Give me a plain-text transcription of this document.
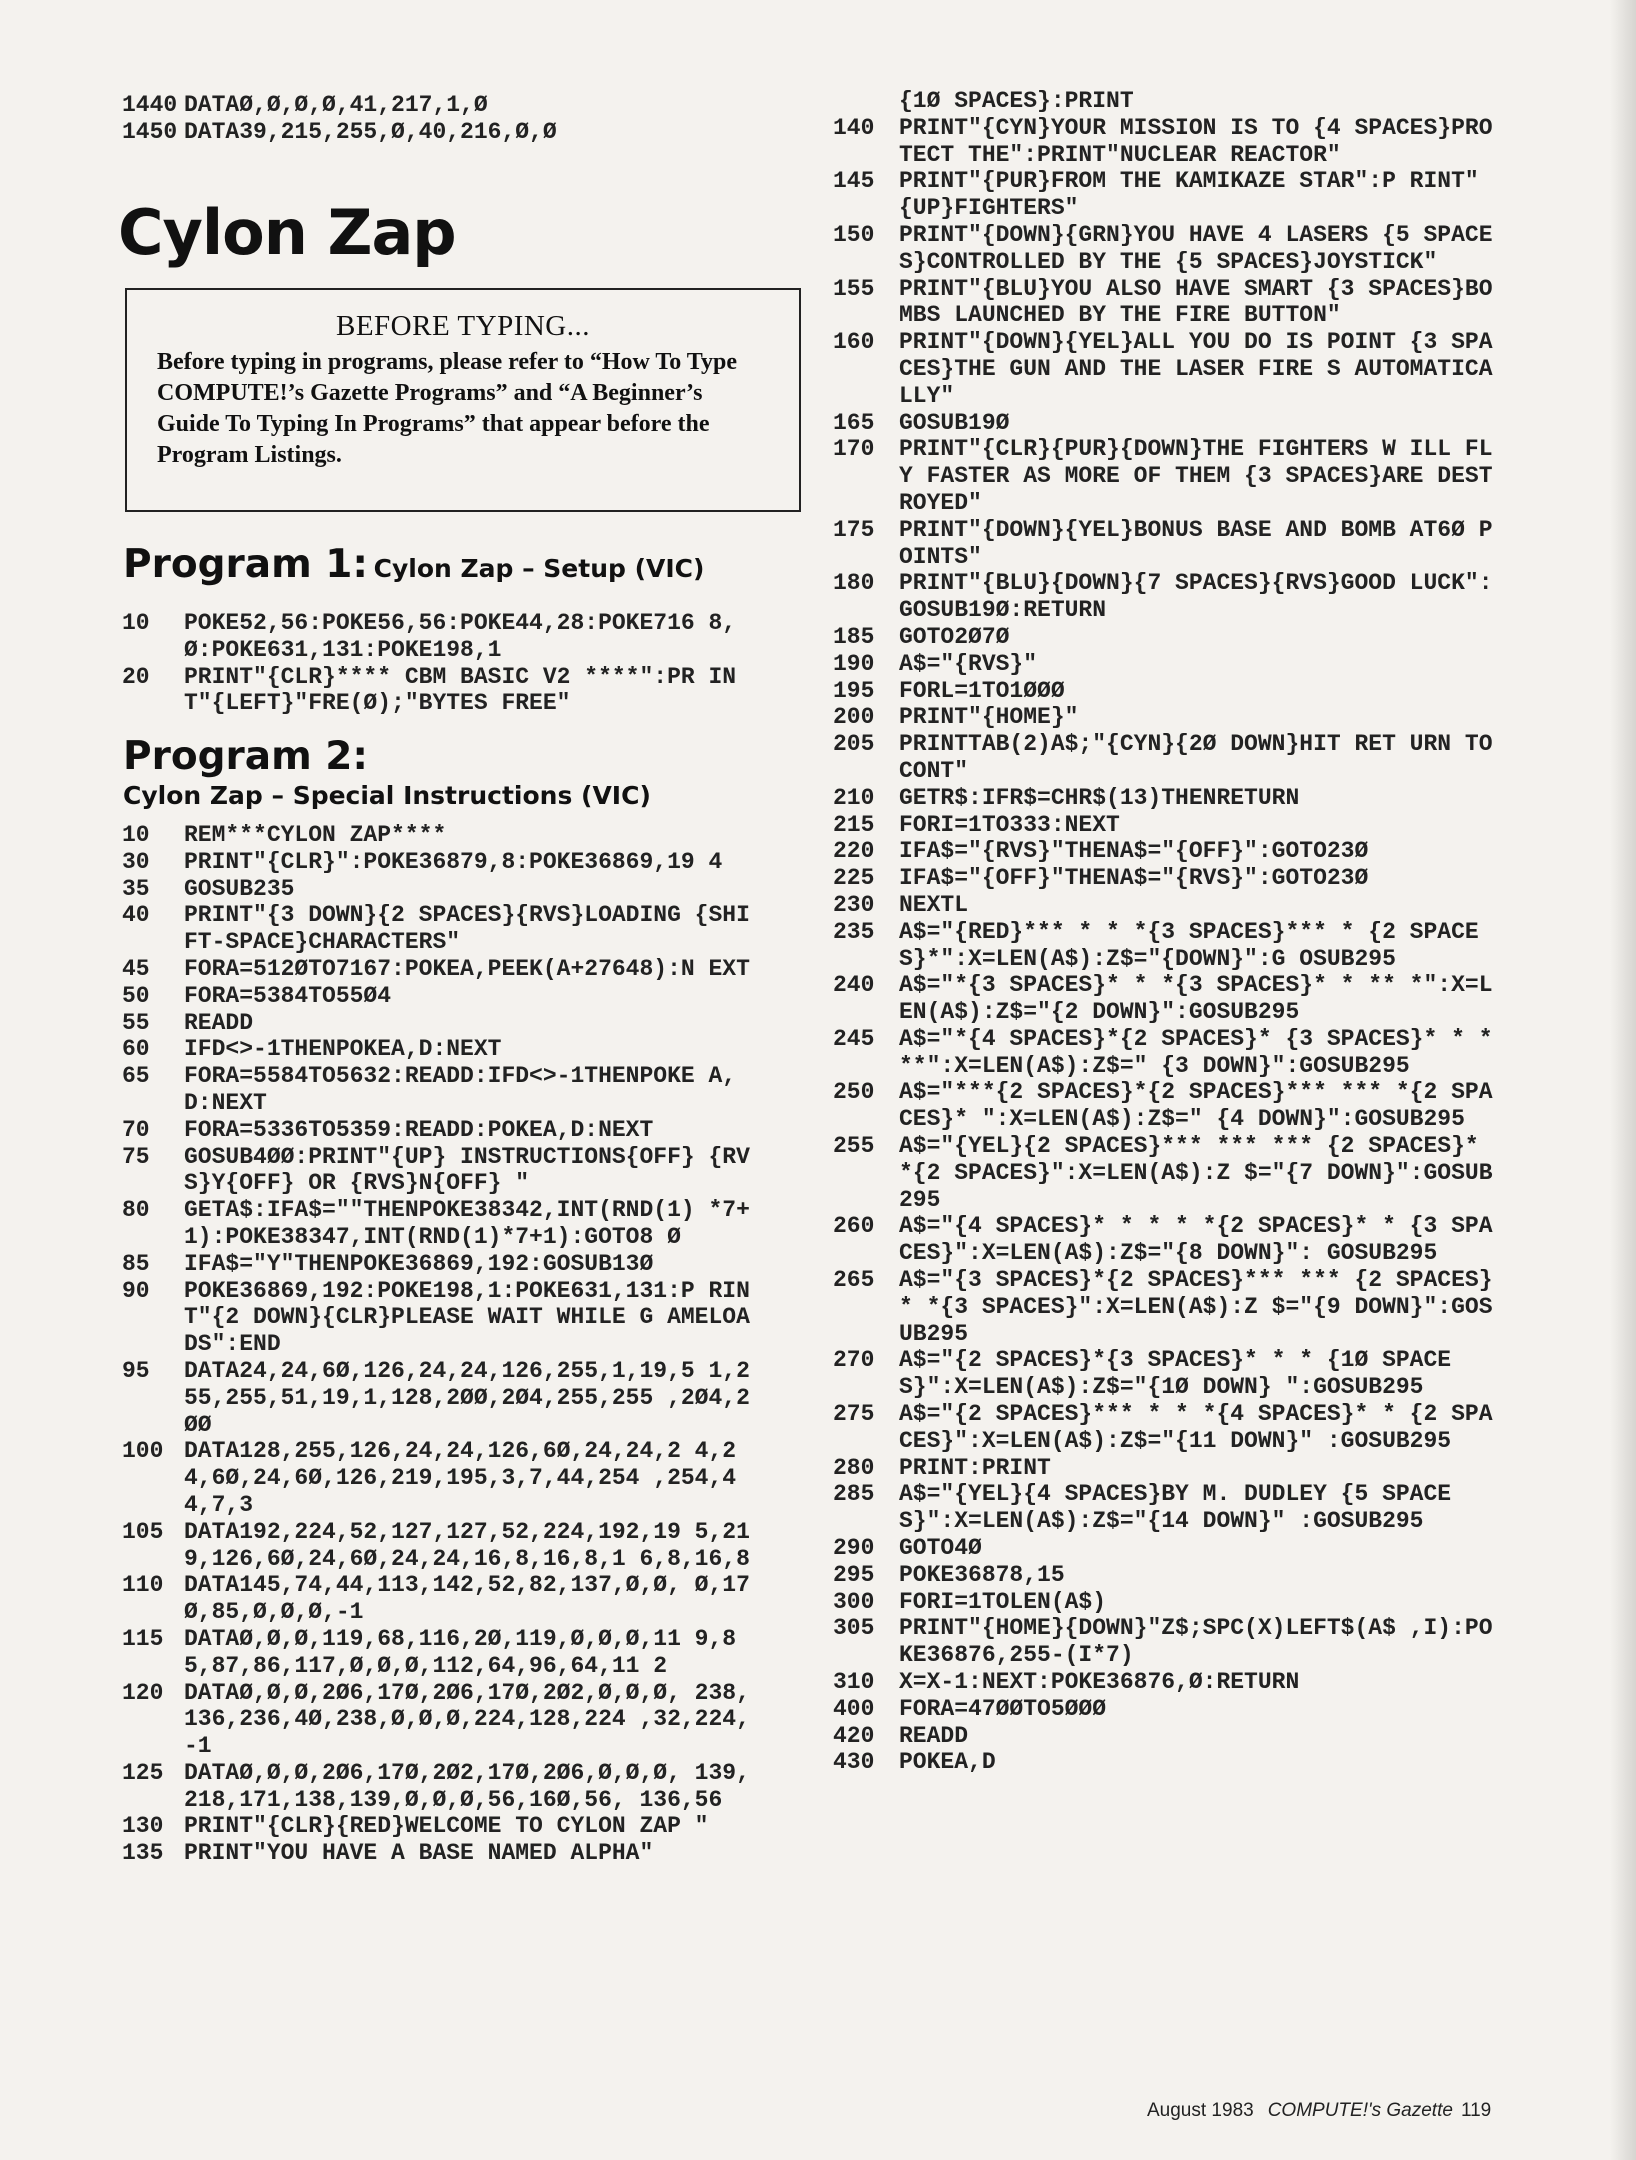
1440 DATAØ,Ø,Ø,Ø,41,217,1,Ø
1450 DATA39,215,255,Ø,40,216,Ø,Ø
Cylon Zap
BEFORE TYPING...
Before typing in programs, please refer to “How To Type COMPUTE!’s Gazette Programs” and “A Beginner’s Guide To Typing In Programs” that appear before the Program Listings.
Program 1: Cylon Zap – Setup (VIC)
10	POKE52,56:POKE56,56:POKE44,28:POKE716 8,Ø:POKE631,131:POKE198,1
20	PRINT"{CLR}**** CBM BASIC V2 ****":PR INT"{LEFT}"FRE(Ø);"BYTES FREE"
Program 2:
Cylon Zap – Special Instructions (VIC)
10	REM***CYLON ZAP****
30	PRINT"{CLR}":POKE36879,8:POKE36869,19 4
35	GOSUB235
40	PRINT"{3 DOWN}{2 SPACES}{RVS}LOADING {SHIFT-SPACE}CHARACTERS"
45	FORA=512ØTO7167:POKEA,PEEK(A+27648):N EXT
50	FORA=5384TO55Ø4
55	READD
60	IFD<>-1THENPOKEA,D:NEXT
65	FORA=5584TO5632:READD:IFD<>-1THENPOKE A,D:NEXT
70	FORA=5336TO5359:READD:POKEA,D:NEXT
75	GOSUB4ØØ:PRINT"{UP} INSTRUCTIONS{OFF} {RVS}Y{OFF} OR {RVS}N{OFF} "
80	GETA$:IFA$=""THENPOKE38342,INT(RND(1) *7+1):POKE38347,INT(RND(1)*7+1):GOTO8 Ø
85	IFA$="Y"THENPOKE36869,192:GOSUB13Ø
90	POKE36869,192:POKE198,1:POKE631,131:P RINT"{2 DOWN}{CLR}PLEASE WAIT WHILE G AMELOADS":END
95	DATA24,24,6Ø,126,24,24,126,255,1,19,5 1,255,255,51,19,1,128,2ØØ,2Ø4,255,255 ,2Ø4,2ØØ
100 DATA128,255,126,24,24,126,6Ø,24,24,2 4,24,6Ø,24,6Ø,126,219,195,3,7,44,254 ,254,44,7,3
105 DATA192,224,52,127,127,52,224,192,19 5,219,126,6Ø,24,6Ø,24,24,16,8,16,8,1 6,8,16,8
110 DATA145,74,44,113,142,52,82,137,Ø,Ø, Ø,17Ø,85,Ø,Ø,Ø,-1
115 DATAØ,Ø,Ø,119,68,116,2Ø,119,Ø,Ø,Ø,11 9,85,87,86,117,Ø,Ø,Ø,112,64,96,64,11 2
120 DATAØ,Ø,Ø,2Ø6,17Ø,2Ø6,17Ø,2Ø2,Ø,Ø,Ø, 238,136,236,4Ø,238,Ø,Ø,Ø,224,128,224 ,32,224,-1
125 DATAØ,Ø,Ø,2Ø6,17Ø,2Ø2,17Ø,2Ø6,Ø,Ø,Ø, 139,218,171,138,139,Ø,Ø,Ø,56,16Ø,56, 136,56
130 PRINT"{CLR}{RED}WELCOME TO CYLON ZAP "
135 PRINT"YOU HAVE A BASE NAMED ALPHA"
{1Ø SPACES}:PRINT
140	PRINT"{CYN}YOUR MISSION IS TO {4 SPACES}PROTECT THE":PRINT"NUCLEAR REACTOR"
145	PRINT"{PUR}FROM THE KAMIKAZE STAR":P RINT"{UP}FIGHTERS"
150	PRINT"{DOWN}{GRN}YOU HAVE 4 LASERS {5 SPACES}CONTROLLED BY THE {5 SPACES}JOYSTICK"
155	PRINT"{BLU}YOU ALSO HAVE SMART {3 SPACES}BOMBS LAUNCHED BY THE FIRE BUTTON"
160	PRINT"{DOWN}{YEL}ALL YOU DO IS POINT {3 SPACES}THE GUN AND THE LASER FIRE S AUTOMATICALLY"
165	GOSUB19Ø
170	PRINT"{CLR}{PUR}{DOWN}THE FIGHTERS W ILL FLY FASTER AS MORE OF THEM {3 SPACES}ARE DESTROYED"
175	PRINT"{DOWN}{YEL}BONUS BASE AND BOMB AT6Ø POINTS"
180	PRINT"{BLU}{DOWN}{7 SPACES}{RVS}GOOD LUCK":GOSUB19Ø:RETURN
185	GOTO2Ø7Ø
190	A$="{RVS}"
195	FORL=1TO1ØØØ
200	PRINT"{HOME}"
205	PRINTTAB(2)A$;"{CYN}{2Ø DOWN}HIT RET URN TO CONT"
210	GETR$:IFR$=CHR$(13)THENRETURN
215	FORI=1TO333:NEXT
220	IFA$="{RVS}"THENA$="{OFF}":GOTO23Ø
225	IFA$="{OFF}"THENA$="{RVS}":GOTO23Ø
230	NEXTL
235	A$="{RED}*** * * *{3 SPACES}*** * {2 SPACES}*":X=LEN(A$):Z$="{DOWN}":G OSUB295
240	A$="*{3 SPACES}* * *{3 SPACES}* * ** *":X=LEN(A$):Z$="{2 DOWN}":GOSUB295
245	A$="*{4 SPACES}*{2 SPACES}* {3 SPACES}* * * **":X=LEN(A$):Z$=" {3 DOWN}":GOSUB295
250	A$="***{2 SPACES}*{2 SPACES}*** *** *{2 SPACES}* ":X=LEN(A$):Z$=" {4 DOWN}":GOSUB295
255	A$="{YEL}{2 SPACES}*** *** *** {2 SPACES}* *{2 SPACES}":X=LEN(A$):Z $="{7 DOWN}":GOSUB295
260	A$="{4 SPACES}* * * * *{2 SPACES}* * {3 SPACES}":X=LEN(A$):Z$="{8 DOWN}": GOSUB295
265	A$="{3 SPACES}*{2 SPACES}*** *** {2 SPACES}* *{3 SPACES}":X=LEN(A$):Z $="{9 DOWN}":GOSUB295
270	A$="{2 SPACES}*{3 SPACES}* * * {1Ø SPACES}":X=LEN(A$):Z$="{1Ø DOWN} ":GOSUB295
275	A$="{2 SPACES}*** * * *{4 SPACES}* * {2 SPACES}":X=LEN(A$):Z$="{11 DOWN}" :GOSUB295
280	PRINT:PRINT
285	A$="{YEL}{4 SPACES}BY M. DUDLEY {5 SPACES}":X=LEN(A$):Z$="{14 DOWN}" :GOSUB295
290	GOTO4Ø
295	POKE36878,15
300	FORI=1TOLEN(A$)
305	PRINT"{HOME}{DOWN}"Z$;SPC(X)LEFT$(A$ ,I):POKE36876,255-(I*7)
310	X=X-1:NEXT:POKE36876,Ø:RETURN
400	FORA=47ØØTO5ØØØ
420	READD
430	POKEA,D
August 1983 COMPUTE!'s Gazette 119
